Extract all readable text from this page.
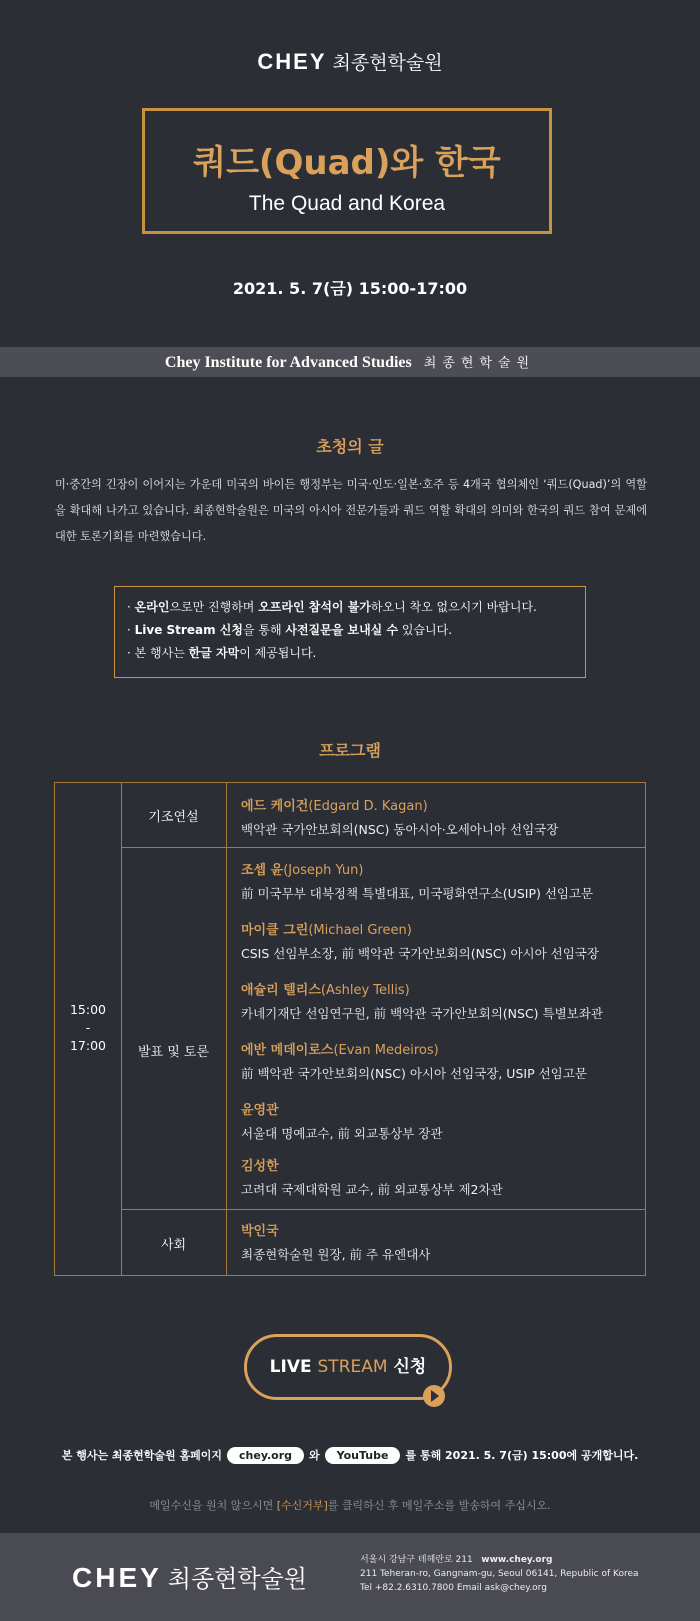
CHEY 최종현학술원
쿼드(Quad)와 한국
The Quad and Korea
2021. 5. 7(금) 15:00-17:00
Chey Institute for Advanced Studies 최종현학술원
초청의 글
미·중간의 긴장이 이어지는 가운데 미국의 바이든 행정부는 미국·인도·일본·호주 등 4개국 협의체인 ‘쿼드(Quad)’의 역할을 확대해 나가고 있습니다. 최종현학술원은 미국의 아시아 전문가들과 쿼드 역할 확대의 의미와 한국의 쿼드 참여 문제에 대한 토론기회를 마련했습니다.
· 온라인으로만 진행하며 오프라인 참석이 불가하오니 착오 없으시기 바랍니다.
· Live Stream 신청을 통해 사전질문을 보내실 수 있습니다.
· 본 행사는 한글 자막이 제공됩니다.
프로그램
15:00
-
17:00
기조연설
발표 및 토론
사회
에드 케이건(Edgard D. Kagan)
백악관 국가안보회의(NSC) 동아시아·오세아니아 선임국장
조셉 윤(Joseph Yun)
前 미국무부 대북정책 특별대표, 미국평화연구소(USIP) 선임고문
마이클 그린(Michael Green)
CSIS 선임부소장, 前 백악관 국가안보회의(NSC) 아시아 선임국장
애슐리 텔리스(Ashley Tellis)
카네기재단 선임연구원, 前 백악관 국가안보회의(NSC) 특별보좌관
에반 메데이로스(Evan Medeiros)
前 백악관 국가안보회의(NSC) 아시아 선임국장, USIP 선임고문
윤영관
서울대 명예교수, 前 외교통상부 장관
김성한
고려대 국제대학원 교수, 前 외교통상부 제2차관
박인국
최종현학술원 원장, 前 주 유엔대사
LIVE STREAM 신청
본 행사는 최종현학술원 홈페이지 chey.org 와 YouTube 를 통해 2021. 5. 7(금) 15:00에 공개합니다.
메일수신을 원치 않으시면 [수신거부]를 클릭하신 후 메일주소를 발송하여 주십시오.
CHEY 최종현학술원
서울시 강남구 테헤란로 211 www.chey.org
211 Teheran-ro, Gangnam-gu, Seoul 06141, Republic of Korea
Tel +82.2.6310.7800 Email ask@chey.org
